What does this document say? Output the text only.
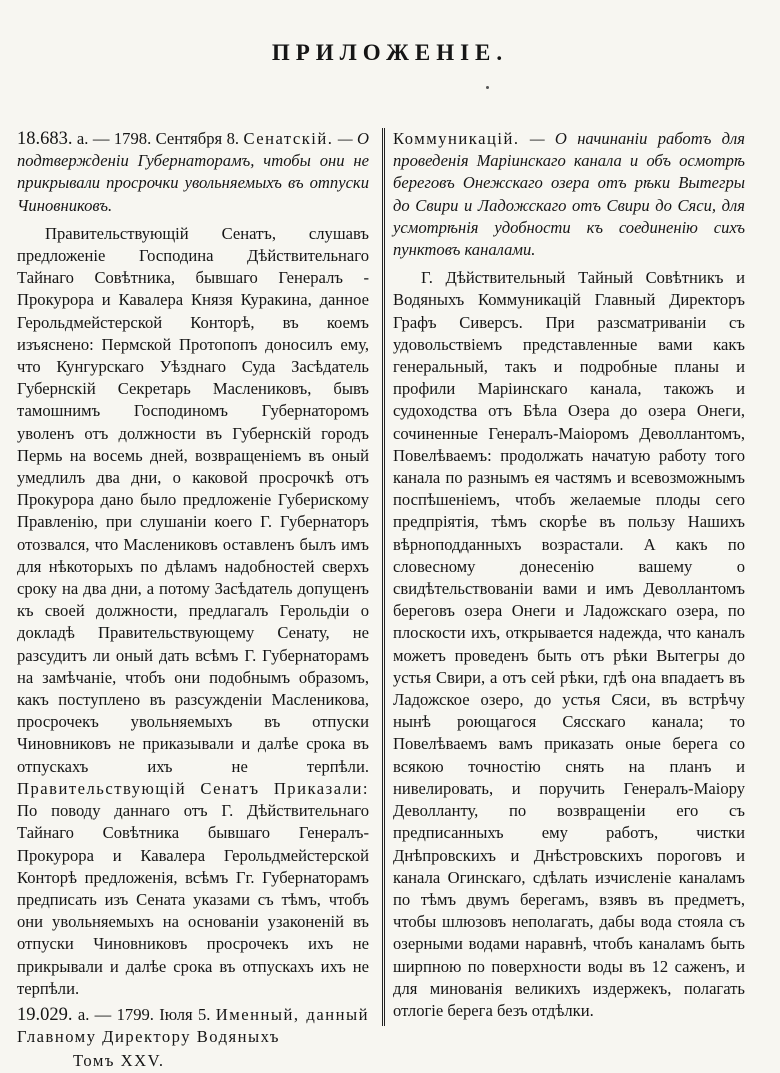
ПРИЛОЖЕНІЕ.

18.683. а. — 1798. Сентября 8. Сенатскій. — О подтвержденіи Губернаторамъ, чтобы они не прикрывали просрочки увольняемыхъ въ отпуски Чиновниковъ.

Правительствующій Сенатъ, слушавъ предложеніе Господина Дѣйствительнаго Тайнаго Совѣтника, бывшаго Генералъ - Прокурора и Кавалера Князя Куракина, данное Герольдмейстерской Конторѣ, въ коемъ изъяснено: Пермской Протопопъ доносилъ ему, что Кунгурскаго Уѣзднаго Суда Засѣдатель Губернскій Секретарь Маслениковъ, бывъ тамошнимъ Господиномъ Губернаторомъ уволенъ отъ должности въ Губернскій городъ Пермь на восемь дней, возвращеніемъ въ оный умедлилъ два дни, о каковой просрочкѣ отъ Прокурора дано было предложеніе Губерискому Правленію, при слушаніи коего Г. Губернаторъ отозвался, что Маслениковъ оставленъ былъ имъ для нѣкоторыхъ по дѣламъ надобностей сверхъ сроку на два дни, а потому Засѣдатель допущенъ къ своей должности, предлагалъ Герольдіи о докладѣ Правительствующему Сенату, не разсудитъ ли оный дать всѣмъ Г. Губернаторамъ на замѣчаніе, чтобъ они подобнымъ образомъ, какъ поступлено въ разсужденіи Масленикова, просрочекъ увольняемыхъ въ отпуски Чиновниковъ не приказывали и далѣе срока въ отпускахъ ихъ не терпѣли. Правительствующій Сенатъ Приказали: По поводу даннаго отъ Г. Дѣйствительнаго Тайнаго Совѣтника бывшаго Генералъ-Прокурора и Кавалера Герольдмейстерской Конторѣ предложенія, всѣмъ Гг. Губернаторамъ предписать изъ Сената указами съ тѣмъ, чтобъ они увольняемыхъ на основаніи узаконеній въ отпуски Чиновниковъ просрочекъ ихъ не прикрывали и далѣе срока въ отпускахъ ихъ не терпѣли.

19.029. а. — 1799. Іюля 5. Именный, данный Главному Директору Водяныхъ

Томъ XXV.

Коммуникацій. — О начинаніи работъ для проведенія Маріинскаго канала и объ осмотрѣ береговъ Онежскаго озера отъ рѣки Вытегры до Свири и Ладожскаго отъ Свири до Сяси, для усмотрѣнія удобности къ соединенію сихъ пунктовъ каналами.

Г. Дѣйствительный Тайный Совѣтникъ и Водяныхъ Коммуникацій Главный Директоръ Графъ Сиверсъ. При разсматриваніи съ удовольствіемъ представленные вами какъ генеральный, такъ и подробные планы и профили Маріинскаго канала, такожъ и судоходства отъ Бѣла Озера до озера Онеги, сочиненные Генералъ-Маіоромъ Деволлантомъ, Повелѣваемъ: продолжать начатую работу того канала по разнымъ ея частямъ и всевозможнымъ поспѣшеніемъ, чтобъ желаемые плоды сего предпріятія, тѣмъ скорѣе въ пользу Нашихъ вѣрноподданныхъ возрастали. А какъ по словесному донесенію вашему о свидѣтельствованіи вами и имъ Деволлантомъ береговъ озера Онеги и Ладожскаго озера, по плоскости ихъ, открывается надежда, что каналъ можетъ проведенъ быть отъ рѣки Вытегры до устья Свири, а отъ сей рѣки, гдѣ она впадаетъ въ Ладожское озеро, до устья Сяси, въ встрѣчу нынѣ роющагося Сясскаго канала; то Повелѣваемъ вамъ приказать оные берега со всякою точностію снять на планъ и нивелировать, и поручить Генералъ-Маіору Деволланту, по возвращеніи его съ предписанныхъ ему работъ, чистки Днѣпровскихъ и Днѣстровскихъ пороговъ и канала Огинскаго, сдѣлать изчисленіе каналамъ по тѣмъ двумъ берегамъ, взявъ въ предметъ, чтобы шлюзовъ неполагать, дабы вода стояла съ озерными водами наравнѣ, чтобъ каналамъ быть ширпною по поверхности воды въ 12 саженъ, и для минованія великихъ издержекъ, полагать отлогіе берега безъ отдѣлки.
